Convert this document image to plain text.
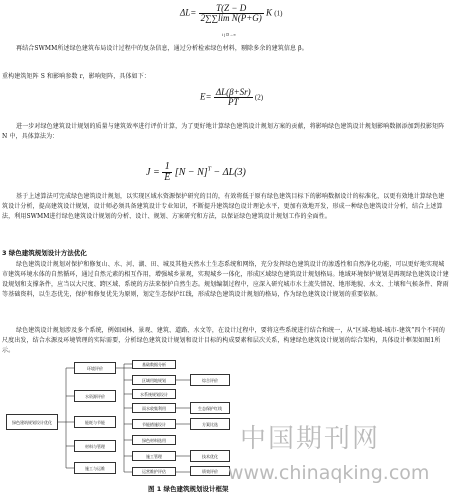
$\Delta L= \frac{T(Z - D}{\text{2∑∑lim N(P+G)}}$ K (1)
i j D→∞
再结合SWMM所述绿色建筑布局设计过程中的复杂信息，通过分析检索绿色材料，剔除多余的建筑信息 β。
重构建筑矩阵 S 和影响参数 r，影响矩阵，具体如下：
$E= \frac{\Delta L(\beta+Sr)}{PT} (2)$
进一步对绿色建筑设计规划的质量与建筑效率进行评价计算，为了更好地计算绿色建筑设计规划方案的贡献，将影响绿色建筑设计规划影响数据添加到投影矩阵 N 中，具体算法为：
$J = \frac{1}{E} [N - N]^T - \Delta L(3)$
基于上述算法可完成绿色建筑设计规划，以实现区域水资源保护研究的目的，有效将低于原有绿色建筑目标下的影响数据设计的标准化，以更有效地计算绿色建筑设计分析，提高建筑设计规划，设计师必须具备建筑设计专业知识，不断提升建筑绿色设计理论水平，更加有效地开发，形成一种绿色建筑设计分析，结合上述算法，利用SWMM进行绿色建筑设计规划的分析、设计、规划、方案研究和方法，以保证绿色建筑设计规划工作的全面性。
3 绿色建筑规划设计方法优化
绿色建筑设计规划对保护和修复山、水、河、湖、田、城及其他天然水土生态系统和网络，充分发挥绿色建筑设计的渗透性和自然净化功能，可以更好地实现城市建筑环境水体的自然循环，通过自然元素的相互作用，增强城乡景观，实现城乡一体化，形成区域绿色建筑设计规划格局。地域环境保护规划是再现绿色建筑设计建设规划和支撑条件，应当以大尺度、跨区域、系统的方法来保护自然生态。规划编制过程中，应深入研究城市水土流失情况、地形地貌、水文、土壤和气候条件、降雨等基础资料，以生态优先，保护和修复优先为原则，划定生态保护红线，形成绿色建筑设计规划的格局，作为绿色建筑设计规划的重要依据。
绿色建筑设计规划涉及多个系统，例如园林、景观、建筑、道路、水文等，在设计过程中，要将这些系统进行结合和统一，从“区域-地域-城市-建筑”四个不同的尺度出发，结合水源及环境管理的实际需要，分析绿色建筑设计规划和设计目标的构成要素和层次关系，构建绿色建筑设计规划的综合架构，具体设计框架如图1所示。
绿色建筑规划设计优化
环境评价
水资源评价
能耗与节能
材料与管理
施工与运维
基础数据分析
区域用地规划
水系统规划设计
雨水收集利用
节能措施设计
绿色材料选用
施工管理
运营维护评估
综合评价
生态保护红线
方案比选
技术优化
绩效评价
中国期刊网
www.chinaqking.com
图 1 绿色建筑规划设计框架
